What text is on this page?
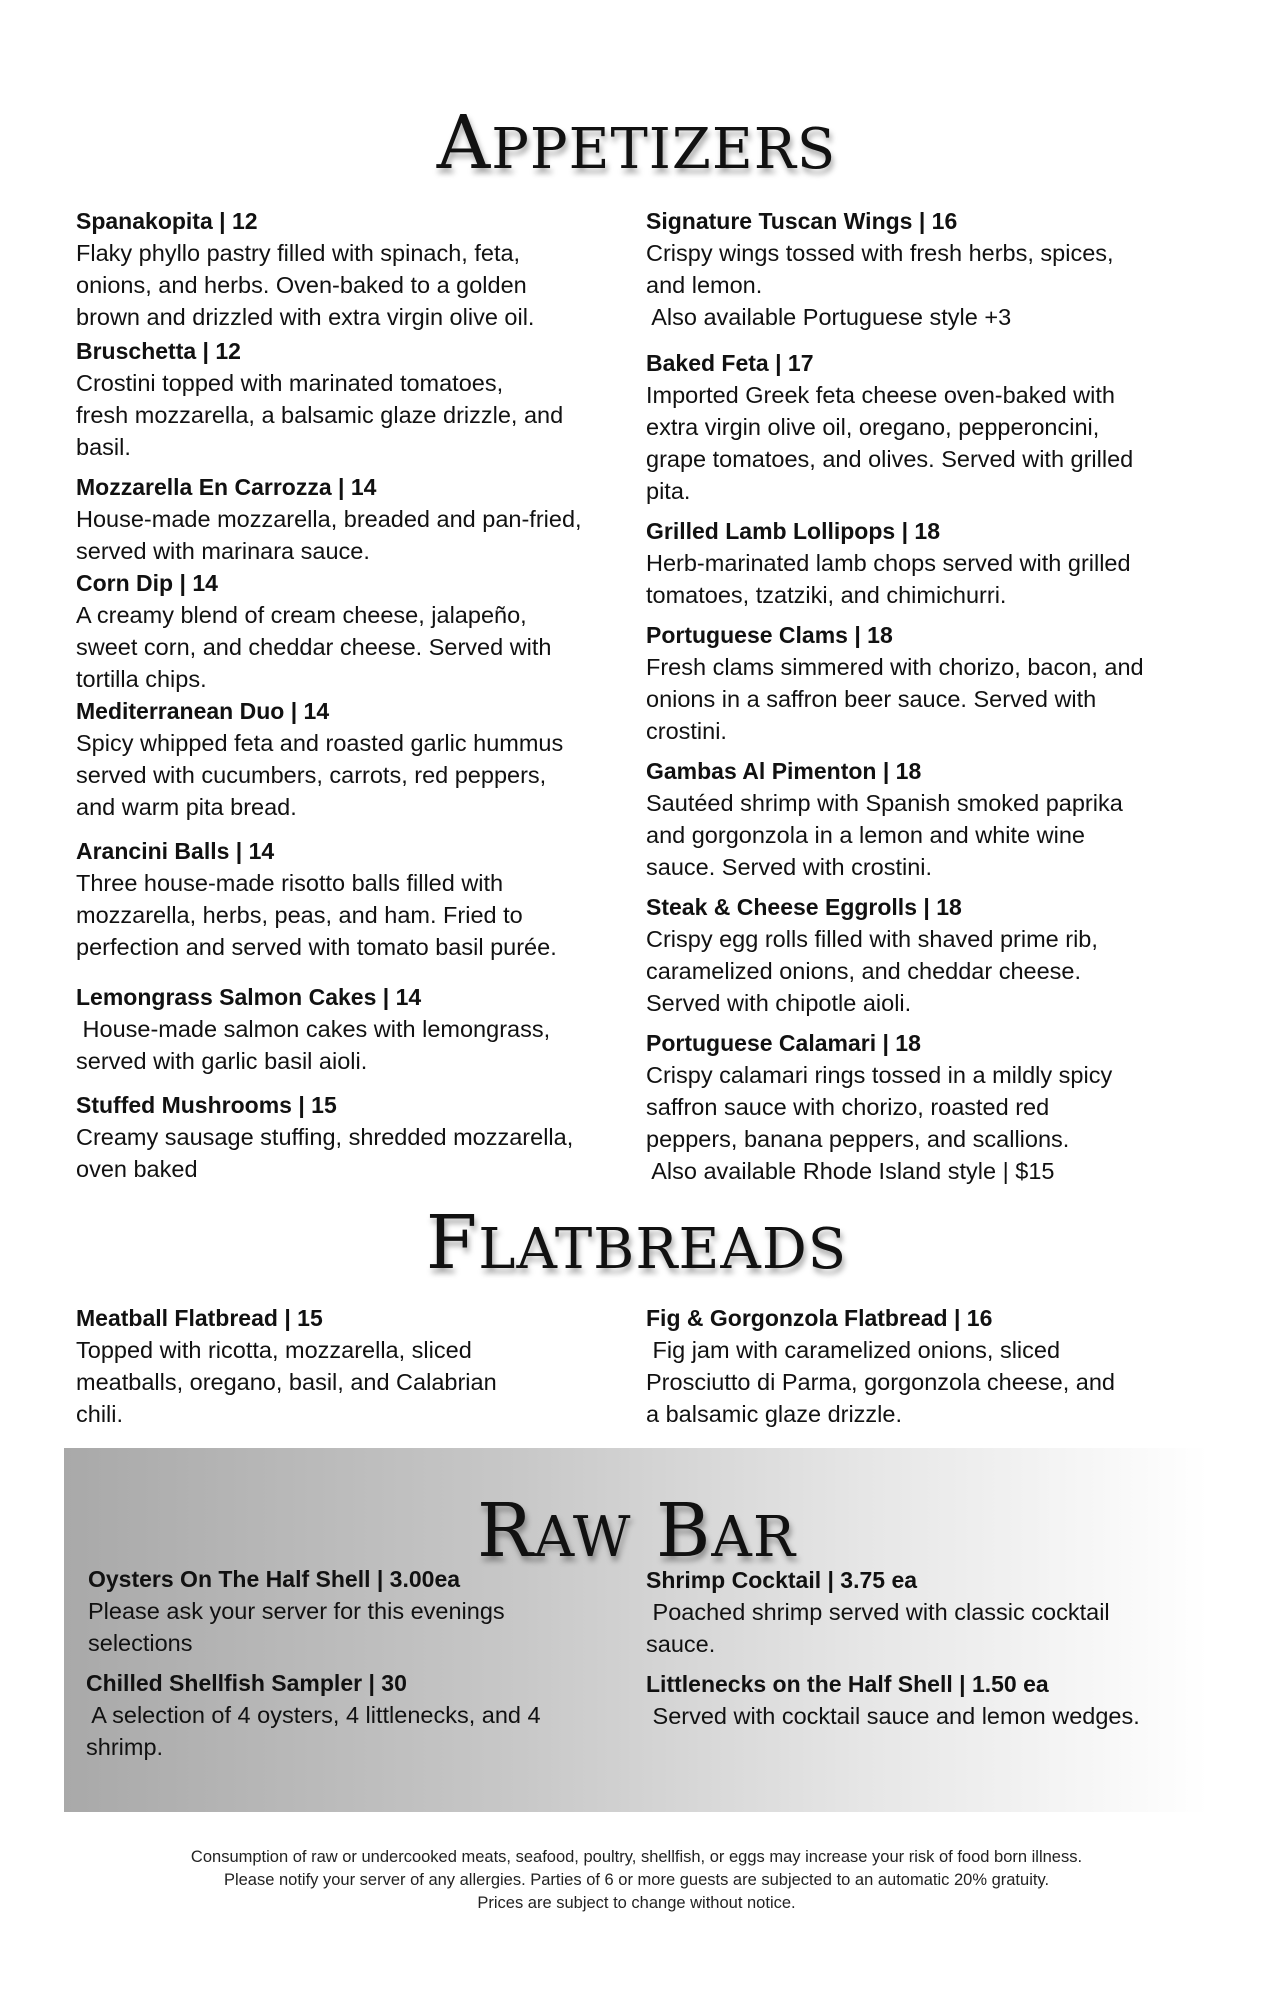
APPETIZERS
Spanakopita | 12
Flaky phyllo pastry filled with spinach, feta,
onions, and herbs. Oven-baked to a golden
brown and drizzled with extra virgin olive oil.
Bruschetta | 12
Crostini topped with marinated tomatoes,
fresh mozzarella, a balsamic glaze drizzle, and
basil.
Mozzarella En Carrozza | 14
House-made mozzarella, breaded and pan-fried,
served with marinara sauce.
Corn Dip | 14
A creamy blend of cream cheese, jalapeño,
sweet corn, and cheddar cheese. Served with
tortilla chips.
Mediterranean Duo | 14
Spicy whipped feta and roasted garlic hummus
served with cucumbers, carrots, red peppers,
and warm pita bread.
Arancini Balls | 14
Three house-made risotto balls filled with
mozzarella, herbs, peas, and ham. Fried to
perfection and served with tomato basil purée.
Lemongrass Salmon Cakes | 14
House-made salmon cakes with lemongrass,
served with garlic basil aioli.
Stuffed Mushrooms | 15
Creamy sausage stuffing, shredded mozzarella,
oven baked
Signature Tuscan Wings | 16
Crispy wings tossed with fresh herbs, spices,
and lemon.
Also available Portuguese style +3
Baked Feta | 17
Imported Greek feta cheese oven-baked with
extra virgin olive oil, oregano, pepperoncini,
grape tomatoes, and olives. Served with grilled
pita.
Grilled Lamb Lollipops | 18
Herb-marinated lamb chops served with grilled
tomatoes, tzatziki, and chimichurri.
Portuguese Clams | 18
Fresh clams simmered with chorizo, bacon, and
onions in a saffron beer sauce. Served with
crostini.
Gambas Al Pimenton | 18
Sautéed shrimp with Spanish smoked paprika
and gorgonzola in a lemon and white wine
sauce. Served with crostini.
Steak & Cheese Eggrolls | 18
Crispy egg rolls filled with shaved prime rib,
caramelized onions, and cheddar cheese.
Served with chipotle aioli.
Portuguese Calamari | 18
Crispy calamari rings tossed in a mildly spicy
saffron sauce with chorizo, roasted red
peppers, banana peppers, and scallions.
Also available Rhode Island style | $15
FLATBREADS
Meatball Flatbread | 15
Topped with ricotta, mozzarella, sliced
meatballs, oregano, basil, and Calabrian
chili.
Fig & Gorgonzola Flatbread | 16
Fig jam with caramelized onions, sliced
Prosciutto di Parma, gorgonzola cheese, and
a balsamic glaze drizzle.
RAW BAR
Oysters On The Half Shell | 3.00ea
Please ask your server for this evenings
selections
Chilled Shellfish Sampler | 30
A selection of 4 oysters, 4 littlenecks, and 4
shrimp.
Shrimp Cocktail | 3.75 ea
Poached shrimp served with classic cocktail
sauce.
Littlenecks on the Half Shell | 1.50 ea
Served with cocktail sauce and lemon wedges.
Consumption of raw or undercooked meats, seafood, poultry, shellfish, or eggs may increase your risk of food born illness.
Please notify your server of any allergies. Parties of 6 or more guests are subjected to an automatic 20% gratuity.
Prices are subject to change without notice.
